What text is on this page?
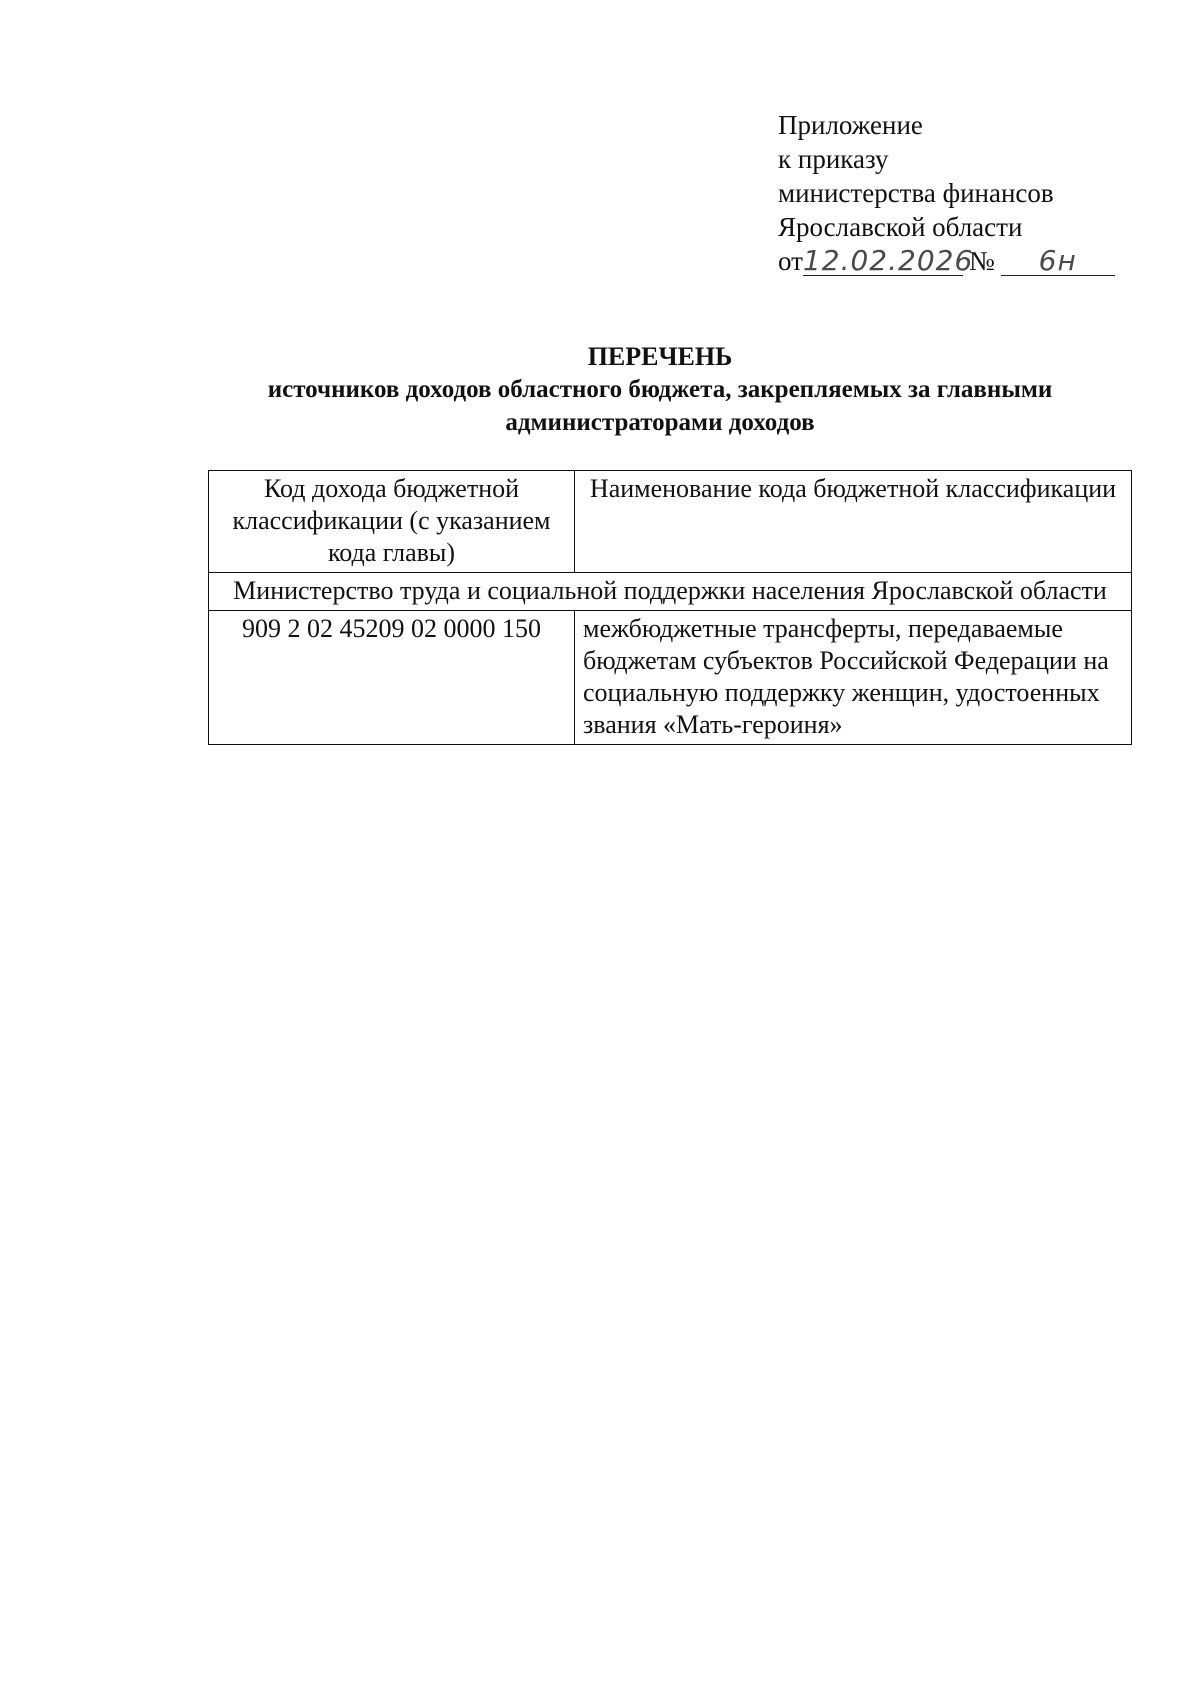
Приложение
к приказу
министерства финансов
Ярославской области
от12.02.2026№ 6н
ПЕРЕЧЕНЬ
источников доходов областного бюджета, закрепляемых за главными администраторами доходов
Код дохода бюджетной классификации (с указанием кода главы)	Наименование кода бюджетной классификации
Министерство труда и социальной поддержки населения Ярославской области	
909 2 02 45209 02 0000 150	межбюджетные трансферты, передаваемые бюджетам субъектов Российской Федерации на социальную поддержку женщин, удостоенных звания «Мать-героиня»
